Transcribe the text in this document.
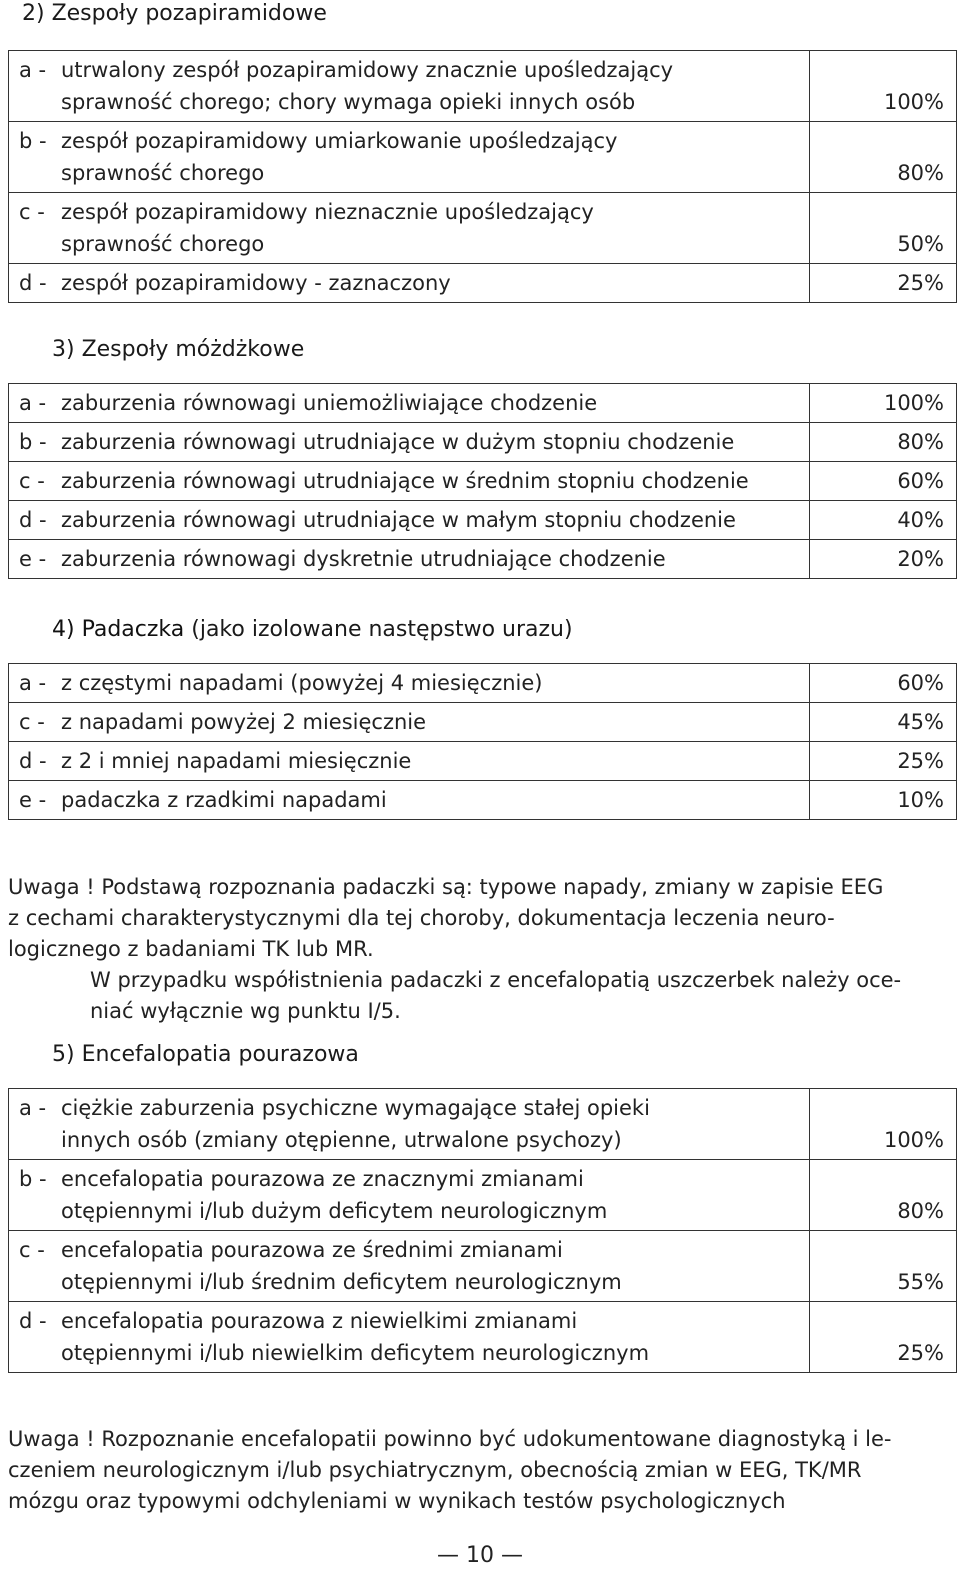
2) Zespoły pozapiramidowe
a - utrwalony zespół pozapiramidowy znacznie upośledzający
sprawność chorego; chory wymaga opieki innych osób	100%

b - zespół pozapiramidowy umiarkowanie upośledzający
sprawność chorego	80%

c - zespół pozapiramidowy nieznacznie upośledzający
sprawność chorego	50%

d - zespół pozapiramidowy - zaznaczony	25%
3) Zespoły móżdżkowe
a - zaburzenia równowagi uniemożliwiające chodzenie	100%

b - zaburzenia równowagi utrudniające w dużym stopniu chodzenie	80%

c - zaburzenia równowagi utrudniające w średnim stopniu chodzenie	60%

d - zaburzenia równowagi utrudniające w małym stopniu chodzenie	40%

e - zaburzenia równowagi dyskretnie utrudniające chodzenie	20%
4) Padaczka (jako izolowane następstwo urazu)
a - z częstymi napadami (powyżej 4 miesięcznie)	60%

c - z napadami powyżej 2 miesięcznie	45%

d - z 2 i mniej napadami miesięcznie	25%

e - padaczka z rzadkimi napadami	10%

Uwaga ! Podstawą rozpoznania padaczki są: typowe napady, zmiany w zapisie EEG
z cechami charakterystycznymi dla tej choroby, dokumentacja leczenia neuro-
logicznego z badaniami TK lub MR.

W przypadku współistnienia padaczki z encefalopatią uszczerbek należy oce-
niać wyłącznie wg punktu I/5.
5) Encefalopatia pourazowa
a - ciężkie zaburzenia psychiczne wymagające stałej opieki
innych osób (zmiany otępienne, utrwalone psychozy)	100%

b - encefalopatia pourazowa ze znacznymi zmianami
otępiennymi i/lub dużym deficytem neurologicznym	80%

c - encefalopatia pourazowa ze średnimi zmianami
otępiennymi i/lub średnim deficytem neurologicznym	55%

d - encefalopatia pourazowa z niewielkimi zmianami
otępiennymi i/lub niewielkim deficytem neurologicznym	25%

Uwaga ! Rozpoznanie encefalopatii powinno być udokumentowane diagnostyką i le-
czeniem neurologicznym i/lub psychiatrycznym, obecnością zmian w EEG, TK/MR
mózgu oraz typowymi odchyleniami w wynikach testów psychologicznych

— 10 —
